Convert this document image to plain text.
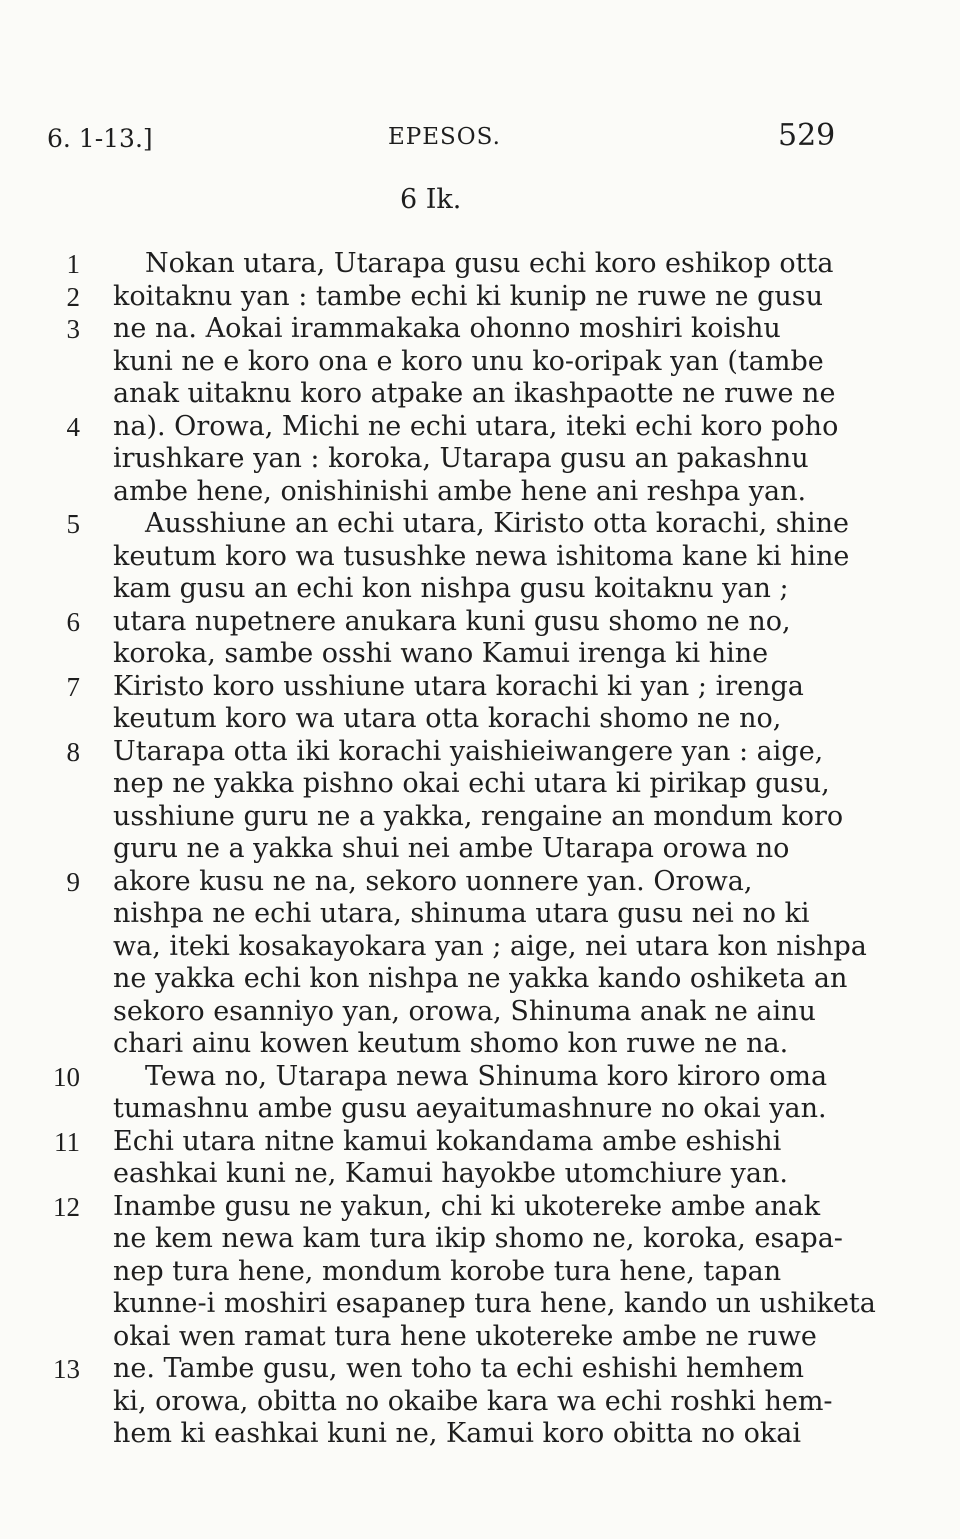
6. 1-13.]	EPESOS.	529
6 Ik.
1 Nokan utara, Utarapa gusu echi koro eshikop otta
2 koitaknu yan : tambe echi ki kunip ne ruwe ne gusu
3 ne na. Aokai irammakaka ohonno moshiri koishu
kuni ne e koro ona e koro unu ko-oripak yan (tambe
anak uitaknu koro atpake an ikashpaotte ne ruwe ne
4 na). Orowa, Michi ne echi utara, iteki echi koro poho
irushkare yan : koroka, Utarapa gusu an pakashnu
ambe hene, onishinishi ambe hene ani reshpa yan.
5 Ausshiune an echi utara, Kiristo otta korachi, shine
keutum koro wa tusushke newa ishitoma kane ki hine
kam gusu an echi kon nishpa gusu koitaknu yan ;
6 utara nupetnere anukara kuni gusu shomo ne no,
koroka, sambe osshi wano Kamui irenga ki hine
7 Kiristo koro usshiune utara korachi ki yan ; irenga
keutum koro wa utara otta korachi shomo ne no,
8 Utarapa otta iki korachi yaishieiwangere yan : aige,
nep ne yakka pishno okai echi utara ki pirikap gusu,
usshiune guru ne a yakka, rengaine an mondum koro
guru ne a yakka shui nei ambe Utarapa orowa no
9 akore kusu ne na, sekoro uonnere yan. Orowa,
nishpa ne echi utara, shinuma utara gusu nei no ki
wa, iteki kosakayokara yan ; aige, nei utara kon nishpa
ne yakka echi kon nishpa ne yakka kando oshiketa an
sekoro esanniyo yan, orowa, Shinuma anak ne ainu
chari ainu kowen keutum shomo kon ruwe ne na.
10 Tewa no, Utarapa newa Shinuma koro kiroro oma
tumashnu ambe gusu aeyaitumashnure no okai yan.
11 Echi utara nitne kamui kokandama ambe eshishi
eashkai kuni ne, Kamui hayokbe utomchiure yan.
12 Inambe gusu ne yakun, chi ki ukotereke ambe anak
ne kem newa kam tura ikip shomo ne, koroka, esapa-
nep tura hene, mondum korobe tura hene, tapan
kunne-i moshiri esapanep tura hene, kando un ushiketa
okai wen ramat tura hene ukotereke ambe ne ruwe
13 ne. Tambe gusu, wen toho ta echi eshishi hemhem
ki, orowa, obitta no okaibe kara wa echi roshki hem-
hem ki eashkai kuni ne, Kamui koro obitta no okai
